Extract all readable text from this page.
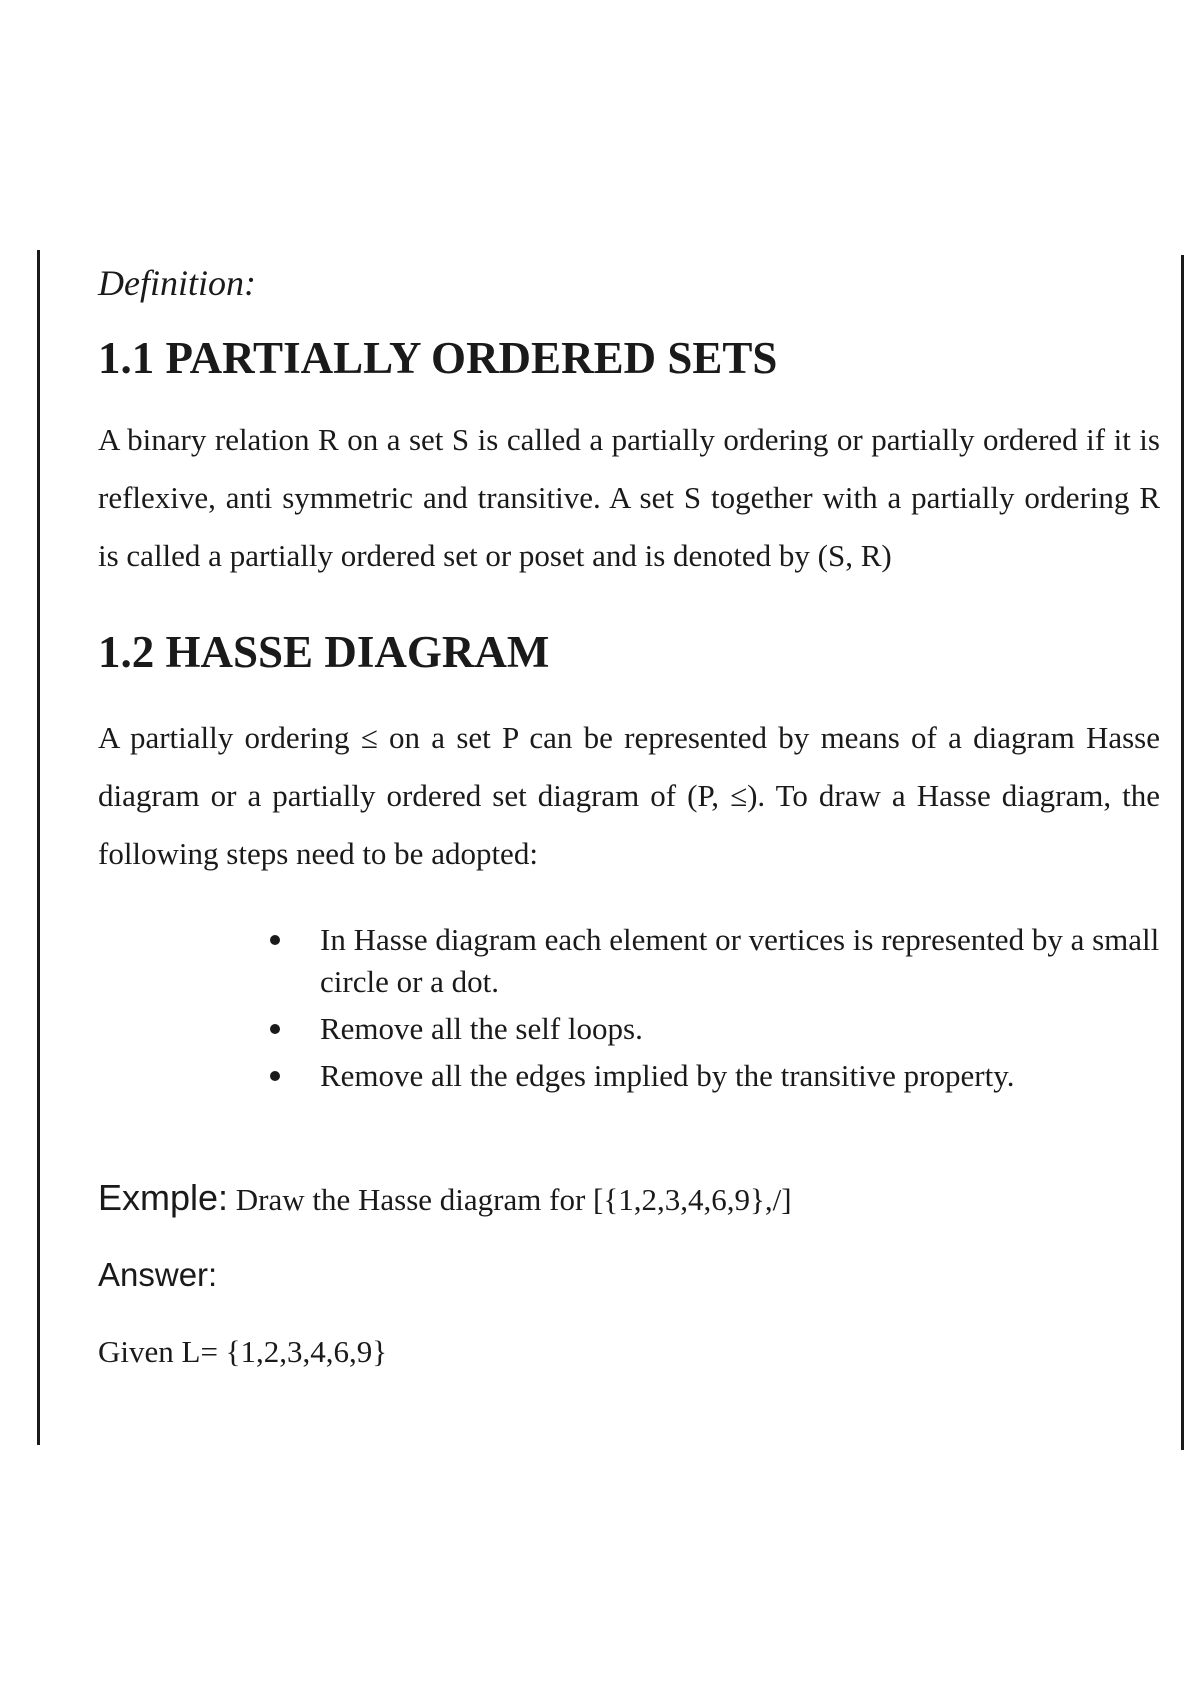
Definition:
1.1 PARTIALLY ORDERED SETS

A binary relation R on a set S is called a partially ordering or partially ordered if it is reflexive, anti symmetric and transitive. A set S together with a partially ordering R is called a partially ordered set or poset and is denoted by (S, R)

1.2 HASSE DIAGRAM

A partially ordering ≤ on a set P can be represented by means of a diagram Hasse diagram or a partially ordered set diagram of (P, ≤). To draw a Hasse diagram, the following steps need to be adopted:

In Hasse diagram each element or vertices is represented by a small circle or a dot.
Remove all the self loops.
Remove all the edges implied by the transitive property.
Exmple: Draw the Hasse diagram for [{1,2,3,4,6,9},/]
Answer:
Given L= {1,2,3,4,6,9}
